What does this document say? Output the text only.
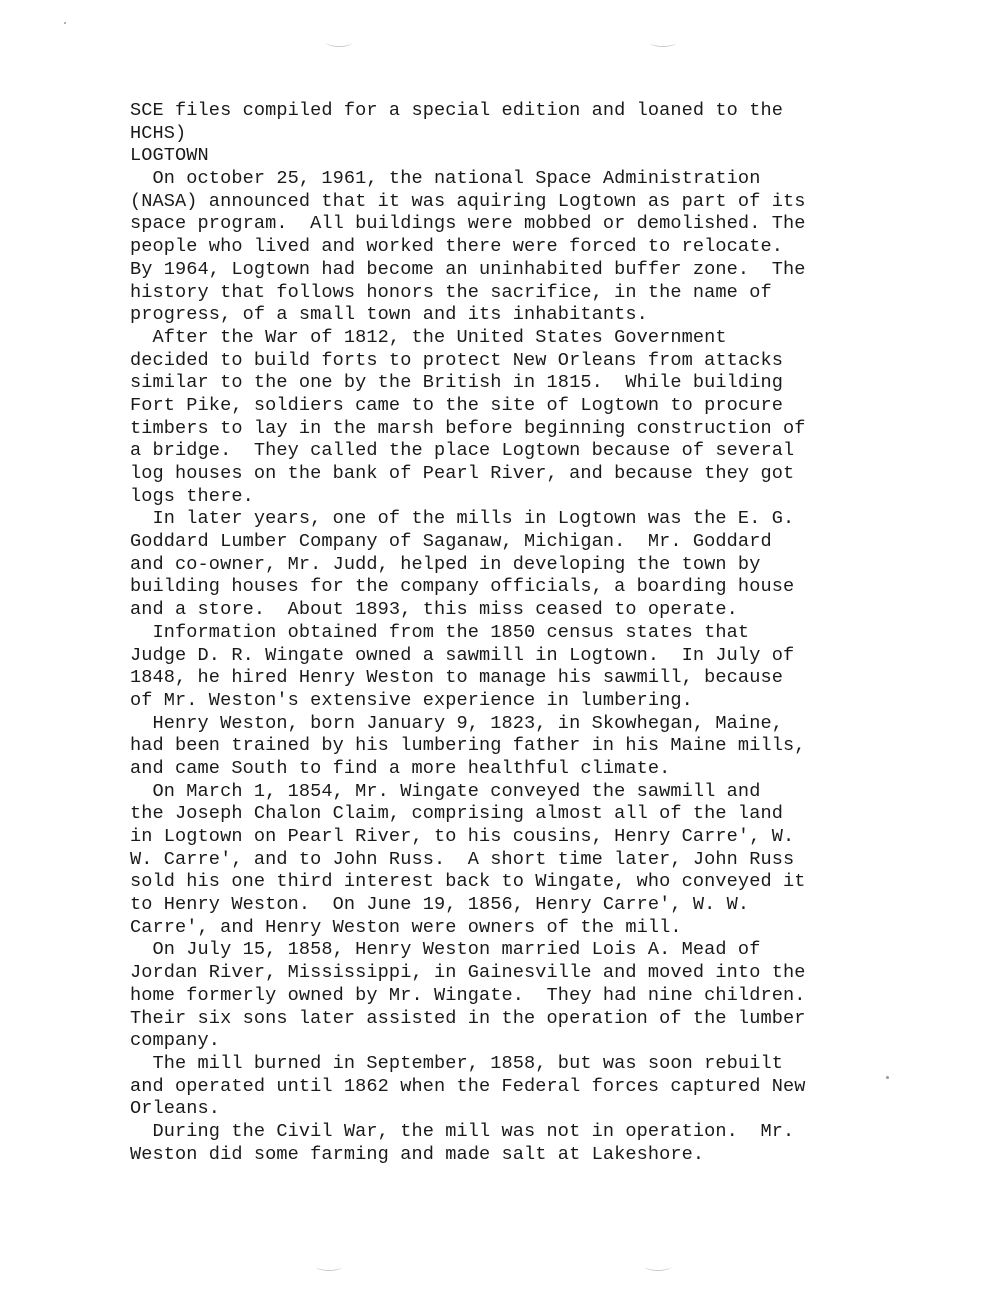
SCE files compiled for a special edition and loaned to the
HCHS)
LOGTOWN
On october 25, 1961, the national Space Administration
(NASA) announced that it was aquiring Logtown as part of its
space program.  All buildings were mobbed or demolished. The
people who lived and worked there were forced to relocate.
By 1964, Logtown had become an uninhabited buffer zone.  The
history that follows honors the sacrifice, in the name of
progress, of a small town and its inhabitants.
After the War of 1812, the United States Government
decided to build forts to protect New Orleans from attacks
similar to the one by the British in 1815.  While building
Fort Pike, soldiers came to the site of Logtown to procure
timbers to lay in the marsh before beginning construction of
a bridge.  They called the place Logtown because of several
log houses on the bank of Pearl River, and because they got
logs there.
In later years, one of the mills in Logtown was the E. G.
Goddard Lumber Company of Saganaw, Michigan.  Mr. Goddard
and co-owner, Mr. Judd, helped in developing the town by
building houses for the company officials, a boarding house
and a store.  About 1893, this miss ceased to operate.
Information obtained from the 1850 census states that
Judge D. R. Wingate owned a sawmill in Logtown.  In July of
1848, he hired Henry Weston to manage his sawmill, because
of Mr. Weston's extensive experience in lumbering.
Henry Weston, born January 9, 1823, in Skowhegan, Maine,
had been trained by his lumbering father in his Maine mills,
and came South to find a more healthful climate.
On March 1, 1854, Mr. Wingate conveyed the sawmill and
the Joseph Chalon Claim, comprising almost all of the land
in Logtown on Pearl River, to his cousins, Henry Carre', W.
W. Carre', and to John Russ.  A short time later, John Russ
sold his one third interest back to Wingate, who conveyed it
to Henry Weston.  On June 19, 1856, Henry Carre', W. W.
Carre', and Henry Weston were owners of the mill.
On July 15, 1858, Henry Weston married Lois A. Mead of
Jordan River, Mississippi, in Gainesville and moved into the
home formerly owned by Mr. Wingate.  They had nine children.
Their six sons later assisted in the operation of the lumber
company.
The mill burned in September, 1858, but was soon rebuilt
and operated until 1862 when the Federal forces captured New
Orleans.
During the Civil War, the mill was not in operation.  Mr.
Weston did some farming and made salt at Lakeshore.
